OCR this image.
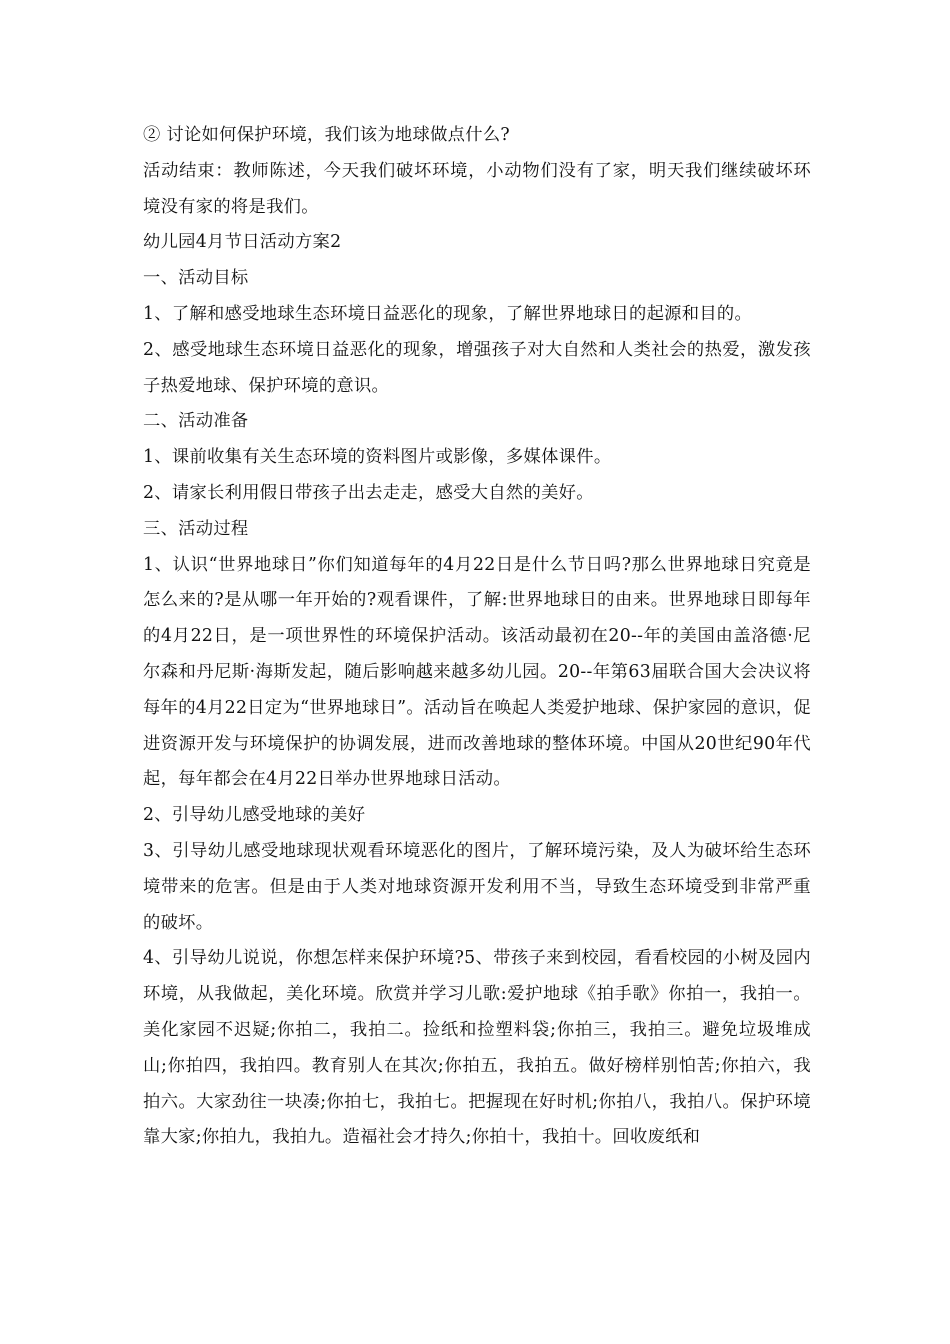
② 讨论如何保护环境，我们该为地球做点什么?

活动结束：教师陈述，今天我们破坏环境，小动物们没有了家，明天我们继续破坏环境没有家的将是我们。

幼儿园4月节日活动方案2

一、活动目标

1、了解和感受地球生态环境日益恶化的现象，了解世界地球日的起源和目的。

2、感受地球生态环境日益恶化的现象，增强孩子对大自然和人类社会的热爱，激发孩子热爱地球、保护环境的意识。

二、活动准备

1、课前收集有关生态环境的资料图片或影像，多媒体课件。

2、请家长利用假日带孩子出去走走，感受大自然的美好。

三、活动过程

1、认识“世界地球日”你们知道每年的4月22日是什么节日吗?那么世界地球日究竟是怎么来的?是从哪一年开始的?观看课件，了解:世界地球日的由来。世界地球日即每年的4月22日，是一项世界性的环境保护活动。该活动最初在20--年的美国由盖洛德·尼尔森和丹尼斯·海斯发起，随后影响越来越多幼儿园。20--年第63届联合国大会决议将每年的4月22日定为“世界地球日”。活动旨在唤起人类爱护地球、保护家园的意识，促进资源开发与环境保护的协调发展，进而改善地球的整体环境。中国从20世纪90年代起，每年都会在4月22日举办世界地球日活动。

2、引导幼儿感受地球的美好

3、引导幼儿感受地球现状观看环境恶化的图片，了解环境污染，及人为破坏给生态环境带来的危害。但是由于人类对地球资源开发利用不当，导致生态环境受到非常严重的破坏。

4、引导幼儿说说，你想怎样来保护环境?5、带孩子来到校园，看看校园的小树及园内环境，从我做起，美化环境。欣赏并学习儿歌:爱护地球《拍手歌》你拍一，我拍一。美化家园不迟疑;你拍二，我拍二。捡纸和捡塑料袋;你拍三，我拍三。避免垃圾堆成山;你拍四，我拍四。教育别人在其次;你拍五，我拍五。做好榜样别怕苦;你拍六，我拍六。大家劲往一块凑;你拍七，我拍七。把握现在好时机;你拍八，我拍八。保护环境靠大家;你拍九，我拍九。造福社会才持久;你拍十，我拍十。回收废纸和
